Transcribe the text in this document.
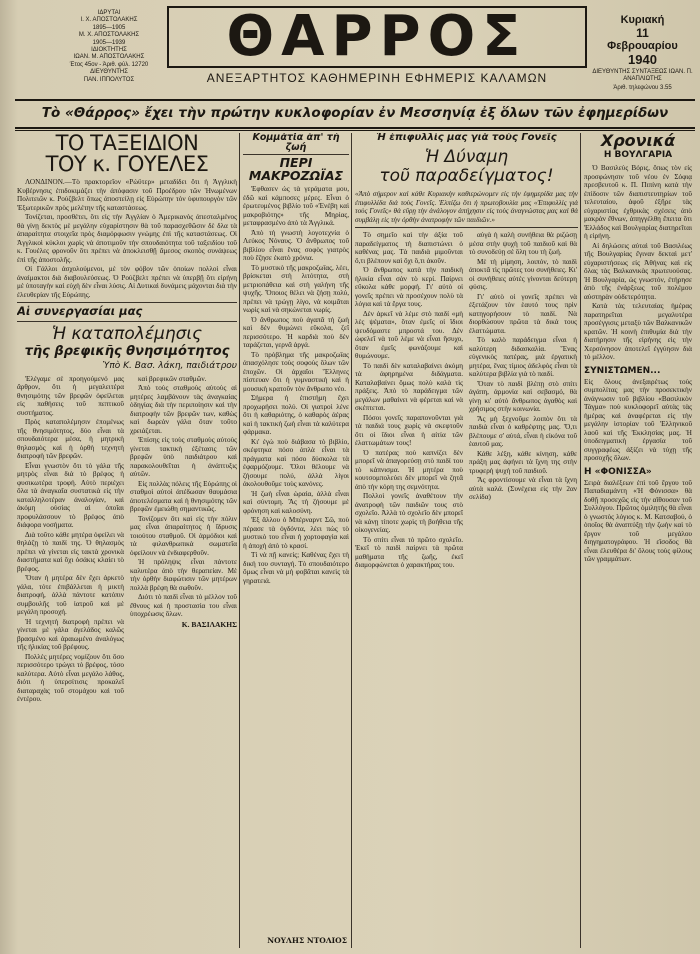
ΙΔΡΥΤΑΙ
Ι. Χ. ΑΠΟΣΤΟΛΑΚΗΣ
1895—1905
Μ. Χ. ΑΠΟΣΤΟΛΑΚΗΣ
1905—1939
ΙΔΙΟΚΤΗΤΗΣ
ΙΩΑΝ. Μ. ΑΠΟΣΤΟΛΑΚΗΣ
Έτος 45ον - Άριθ. φύλ. 12720
ΔΙΕΥΘΥΝΤΗΣ
ΠΑΝ. ΙΠΠΟΛΥΤΟΣ
ΘΑΡΡΟΣ
ΑΝΕΞΑΡΤΗΤΟΣ ΚΑΘΗΜΕΡΙΝΗ ΕΦΗΜΕΡΙΣ ΚΑΛΑΜΩΝ
Κυριακή
11
Φεβρουαρίου
1940
ΔΙΕΥΘΥΝΤΗΣ ΣΥΝΤΑΞΕΩΣ ΙΩΑΝ. Π. ΑΝΑΠΛΙΩΤΗΣ
Άριθ. τηλεφώνου 3.55
Τὸ «Θάρρος» ἔχει τὴν πρώτην κυκλοφορίαν ἐν Μεσσηνίᾳ ἐξ ὅλων τῶν ἐφημερίδων
ΤΟ ΤΑΞΕΙΔΙΟΝ
ΤΟΥ κ. ΓΟΥΕΛΕΣ

ΛΟΝΔΙΝΟΝ.—Τὸ πρακτορεῖον «Ρώϋτερ» μεταδίδει ὅτι ἡ Ἀγγλικὴ Κυβέρνησις ἐπιδοκιμάζει τὴν ἀπόφασιν τοῦ Προέδρου τῶν Ἡνωμένων Πολιτειῶν κ. Ρούζβελτ ὅπως ἀποστείλῃ εἰς Εὐρώπην τὸν ὑφυπουργὸν τῶν Ἐξωτερικῶν πρὸς μελέτην τῆς καταστάσεως.

Τονίζεται, προσθέτει, ὅτι εἰς τὴν Ἀγγλίαν ὁ Ἀμερικανὸς ἀπεσταλμένος θὰ γίνῃ δεκτὸς μὲ μεγάλην εὐχαρίστησιν θὰ τοῦ παρασχεθῶσιν δὲ δλα τὰ ἀπαραίτητα στοιχεῖα πρὸς διαμόρφωσιν γνώμης ἐπὶ τῆς καταστάσεως. Οἱ Ἀγγλικοὶ κύκλοι χωρὶς νὰ ἀποτιμοῦν τὴν σπουδαιότητα τοῦ ταξειδίου τοῦ κ. Γουέλες φρονοῦν ὅτι πρέπει νὰ ἀποκλεισθῇ ἄμεσος σκοπὸς συνάψεως ἐπὶ τῆς ἀποστολῆς.

Οἱ Γάλλοι ἀσχολούμενοι, μὲ τὸν φόβον τῶν ὁποίων πολλοὶ εἶναι ἀναίμακτοι διὰ διαβουλεύσεως. Ὁ Ρούζβελτ πρέπει νὰ ὑπερβῇ ὅτι εἰρήνη μὲ ὑποταγὴν καὶ εὐχὴ δὲν εἶναι λύσις. Αἱ Δυτικαὶ δυνάμεις μάχονται διὰ τὴν ἐλευθερίαν τῆς Εὐρώπης.

Αἱ συνεργασίαι μας
Ἡ καταπολέμησις
τῆς βρεφικῆς θνησιμότητος
Ὑπὸ Κ. Βασ. λάκη, παιδιάτρου

Ἐλέγαμε σὲ προηγούμενό μας ἄρθρον, ὅτι ἡ μεγαλειτέρα θνησιμότης τῶν βρεφῶν ὀφείλεται εἰς παθήσεις τοῦ πεπτικοῦ συστήματος.

Πρὸς καταπολέμησιν ἐπομένως τῆς θνησιμότητος, δύο εἶναι τὰ σπουδαιότερα μέσα, ἡ μητρικὴ θηλασμὸς καὶ ἡ ὀρθὴ τεχνητὴ διατροφὴ τῶν βρεφῶν.

Εἶναι γνωστὸν ὅτι τὸ γάλα τῆς μητρὸς εἶναι διὰ τὸ βρέφος ἡ φυσικωτέρα τροφή. Αὐτὸ περιέχει ὅλα τὰ ἀναγκαῖα συστατικὰ εἰς τὴν καταλληλοτέραν ἀναλογίαν, καὶ ἀκόμη οὐσίας αἱ ὁποῖαι προφυλάσσουν τὸ βρέφος ἀπὸ διάφορα νοσήματα.

Διὰ τοῦτο κάθε μητέρα ὀφείλει νὰ θηλάζῃ τὸ παιδί της. Ὁ θηλασμὸς πρέπει νὰ γίνεται εἰς τακτὰ χρονικὰ διαστήματα καὶ ὄχι ὁσάκις κλαίει τὸ βρέφος.

Ὅταν ἡ μητέρα δὲν ἔχει ἀρκετὸ γάλα, τότε ἐπιβάλλεται ἡ μικτὴ διατροφή, ἀλλὰ πάντοτε κατόπιν συμβουλῆς τοῦ ἰατροῦ καὶ μὲ μεγάλη προσοχή.

Ἡ τεχνητὴ διατροφὴ πρέπει νὰ γίνεται μὲ γάλα ἀγελάδος καλῶς βρασμένο καὶ ἀραιωμένο ἀναλόγως τῆς ἡλικίας τοῦ βρέφους.

Πολλὲς μητέρες νομίζουν ὅτι ὅσο περισσότερο τρώγει τὸ βρέφος, τόσο καλύτερα. Αὐτὸ εἶναι μεγάλο λάθος, διότι ἡ ὑπερσίτισις προκαλεῖ διαταραχὰς τοῦ στομάχου καὶ τοῦ ἐντέρου.

καὶ βρεφικῶν σταθμῶν.

Ἀπὸ τοὺς σταθμοὺς αὐτοὺς αἱ μητέρες λαμβάνουν τὰς ἀναγκαίας ὁδηγίας διὰ τὴν περιποίησιν καὶ τὴν διατροφὴν τῶν βρεφῶν των, καθὼς καὶ δωρεὰν γάλα ὅταν τοῦτο χρειάζεται.

Ἐπίσης εἰς τοὺς σταθμοὺς αὐτοὺς γίνεται τακτικὴ ἐξέτασις τῶν βρεφῶν ὑπὸ παιδιάτρου καὶ παρακολουθεῖται ἡ ἀνάπτυξις αὐτῶν.

Εἰς πολλὰς πόλεις τῆς Εὐρώπης οἱ σταθμοὶ αὐτοὶ ἀπέδωσαν θαυμάσια ἀποτελέσματα καὶ ἡ θνησιμότης τῶν βρεφῶν ἐμειώθη σημαντικῶς.

Τονίζομεν ὅτι καὶ εἰς τὴν πόλιν μας εἶναι ἀπαραίτητος ἡ ἵδρυσις τοιούτου σταθμοῦ. Οἱ ἁρμόδιοι καὶ τὰ φιλανθρωπικὰ σωματεῖα ὀφείλουν νὰ ἐνδιαφερθοῦν.

Ἡ πρόληψις εἶναι πάντοτε καλυτέρα ἀπὸ τὴν θεραπείαν. Μὲ τὴν ὀρθὴν διαφώτισιν τῶν μητέρων πολλὰ βρέφη θὰ σωθοῦν.

Διότι τὸ παιδὶ εἶναι τὸ μέλλον τοῦ ἔθνους καὶ ἡ προστασία του εἶναι ὑποχρέωσις ὅλων.

Κ. ΒΑΣΙΛΑΚΗΣ
Κομμάτι̇α ἀπ' τὴ ζωή
ΠΕΡΙ ΜΑΚΡΟΖΩΪΑΣ

Ἐφθασεν ὡς τὰ γεράματα μου, ἐδῶ καὶ κάμποσες μέρες. Εἶναι ὁ ἐρωτευμένος βιβλίο τοῦ «Ἐνέβη καὶ μακροβιότης» τῆς Μηρίας, μεταφρασμένο ἀπὸ τὰ Ἀγγλικά.

Ἀπὸ τὴ γνωστὴ λογοτεχνία ὁ Λεύκος Νόναυς. Ὁ ἄνθρωπος τοῦ βιβλίου εἶναι ἕνας σοφὸς γιατρὸς ποὺ ἔζησε ἑκατὸ χρόνια.

Τὸ μυστικὸ τῆς μακροζωΐας, λέει, βρίσκεται στὴ λιτότητα, στὴ μετριοπάθεια καὶ στὴ γαλήνη τῆς ψυχῆς. Ὅποιος θέλει νὰ ζήσῃ πολύ, πρέπει νὰ τρώγῃ λίγο, νὰ κοιμᾶται νωρὶς καὶ νὰ σηκώνεται νωρίς.

Ὁ ἄνθρωπος ποὺ ἀγαπᾶ τὴ ζωὴ καὶ δὲν θυμώνει εὔκολα, ζεῖ περισσότερο. Ἡ καρδιὰ ποὺ δὲν ταράζεται, γερνᾶ ἀργά.

Τὸ πρόβλημα τῆς μακροζωΐας ἀπασχόλησε τοὺς σοφοὺς ὅλων τῶν ἐποχῶν. Οἱ ἀρχαῖοι Ἕλληνες πίστευαν ὅτι ἡ γυμναστικὴ καὶ ἡ μουσικὴ κρατοῦν τὸν ἄνθρωπο νέο.

Σήμερα ἡ ἐπιστήμη ἔχει προχωρήσει πολύ. Οἱ γιατροὶ λένε ὅτι ἡ καθαριότης, ὁ καθαρὸς ἀέρας καὶ ἡ τακτικὴ ζωὴ εἶναι τὰ καλύτερα φάρμακα.

Κι' ἐγὼ ποὺ διάβασα τὸ βιβλίο, σκέφτηκα πόσο ἁπλὰ εἶναι τὰ πράγματα καὶ πόσο δύσκολα τὰ ἐφαρμόζουμε. Ὅλοι θέλουμε νὰ ζήσουμε πολύ, ἀλλὰ λίγοι ἀκολουθοῦμε τοὺς κανόνες.

Ἡ ζωὴ εἶναι ὡραία, ἀλλὰ εἶναι καὶ σύντομη. Ἂς τὴ ζήσουμε μὲ φρόνηση καὶ καλοσύνη.

Ἐξ ἄλλου ὁ Μπέρναρντ Σῶ, ποὺ πέρασε τὰ ὀγδόντα, λέει πὼς τὸ μυστικὸ του εἶναι ἡ χορτοφαγία καὶ ἡ ἀποχὴ ἀπὸ τὸ κρασί.

Τί νὰ πῇ κανείς; Καθένας ἔχει τὴ δική του συνταγή. Τὸ σπουδαιότερο ὅμως εἶναι νὰ μὴ φοβᾶται κανεὶς τὰ γηρατειά.

ΝΟΥΛΗΣ ΝΤΟΛΙΟΣ
Ἡ ἐπιφυλλὶς μας γιὰ τοὺς Γονεῖς
Ἡ Δύναμη
τοῦ παραδείγματος!
«Ἀπὸ σήμερον καὶ κάθε Κυριακὴν καθιερώνομεν εἰς τὴν ἐφημερίδα μας τὴν ἐπιφυλλίδα διὰ τοὺς Γονεῖς. Ἐλπίζω ὅτι ἡ πρωτοβουλία μας «Ἐπιφυλλὶς γιὰ τοὺς Γονεῖς» θὰ εὕρῃ τὴν ἀνάλογον ἀπήχησιν εἰς τοὺς ἀναγνώστας μας καὶ θὰ συμβάλῃ εἰς τὴν ὀρθὴν ἀνατροφὴν τῶν παιδιῶν.»

Τὸ σημεῖο καὶ τὴν ἀξία τοῦ παραδείγματος τὴ διαπιστώνει ὁ καθένας μας. Τὰ παιδιὰ μιμοῦνται ὅ,τι βλέπουν καὶ ὅχι ὅ,τι ἀκοῦν.

Ὁ ἄνθρωπος κατὰ τὴν παιδικὴ ἡλικία εἶναι σὰν τὸ κερί. Παίρνει εὔκολα κάθε μορφή. Γι' αὐτὸ οἱ γονεῖς πρέπει νὰ προσέχουν πολὺ τὰ λόγια καὶ τὰ ἔργα τους.

Δὲν ἀρκεῖ νὰ λέμε στὸ παιδί «μὴ λὲς ψέματα», ὅταν ἐμεῖς οἱ ἴδιοι ψευδόμαστε μπροστά του. Δὲν ὠφελεῖ νὰ τοῦ λέμε νὰ εἶναι ἥσυχο, ὅταν ἐμεῖς φωνάζουμε καὶ θυμώνουμε.

Τὸ παιδὶ δὲν καταλαβαίνει ἀκόμη τὰ ἀφηρημένα διδάγματα. Καταλαβαίνει ὅμως πολὺ καλὰ τὶς πράξεις. Ἀπὸ τὸ παράδειγμα τῶν μεγάλων μαθαίνει νὰ φέρεται καὶ νὰ σκέπτεται.

Πόσοι γονεῖς παραπονοῦνται γιὰ τὰ παιδιά τους χωρὶς νὰ σκεφτοῦν ὅτι οἱ ἴδιοι εἶναι ἡ αἰτία τῶν ἐλαττωμάτων τους!

Ὁ πατέρας ποὺ καπνίζει δὲν μπορεῖ νὰ ἀπαγορεύσῃ στὸ παιδί του τὸ κάπνισμα. Ἡ μητέρα ποὺ κουτσομπολεύει δὲν μπορεῖ νὰ ζητᾶ ἀπὸ τὴν κόρη της σεμνότητα.

Πολλοὶ γονεῖς ἀναθέτουν τὴν ἀνατροφὴ τῶν παιδιῶν τους στὸ σχολεῖο. Ἀλλὰ τὸ σχολεῖο δὲν μπορεῖ νὰ κάνῃ τίποτε χωρὶς τὴ βοήθεια τῆς οἰκογενείας.

Τὸ σπίτι εἶναι τὸ πρῶτο σχολεῖο. Ἐκεῖ τὸ παιδὶ παίρνει τὰ πρῶτα μαθήματα τῆς ζωῆς, ἐκεῖ διαμορφώνεται ὁ χαρακτήρας του.

αὐγὰ ἡ καλὴ συνήθεια θὰ ριζώσῃ μέσα στὴν ψυχὴ τοῦ παιδιοῦ καὶ θὰ τὸ συνοδεύῃ σὲ ὅλη του τὴ ζωή.

Μὲ τὴ μίμηση, λοιπόν, τὸ παιδὶ ἀποκτᾶ τὶς πρῶτες του συνήθειες. Κι' οἱ συνήθειες αὐτὲς γίνονται δεύτερη φύσις.

Γι' αὐτὸ οἱ γονεῖς πρέπει νὰ ἐξετάζουν τὸν ἑαυτό τους πρὶν κατηγορήσουν τὸ παιδί. Νὰ διορθώσουν πρῶτα τὰ δικά τους ἐλαττώματα.

Τὸ καλὸ παράδειγμα εἶναι ἡ καλύτερη διδασκαλία. Ἕνας εὐγενικὸς πατέρας, μιὰ ἐργατικὴ μητέρα, ἕνας τίμιος ἀδελφὸς εἶναι τὰ καλύτερα βιβλία γιὰ τὸ παιδί.

Ὅταν τὸ παιδὶ βλέπῃ στὸ σπίτι ἀγάπη, ἀρμονία καὶ σεβασμό, θὰ γίνῃ κι' αὐτὸ ἄνθρωπος ἀγαθὸς καὶ χρήσιμος στὴν κοινωνία.

Ἂς μὴ ξεχνοῦμε λοιπὸν ὅτι τὰ παιδιὰ εἶναι ὁ καθρέφτης μας. Ὅ,τι βλέπουμε σ' αὐτά, εἶναι ἡ εἰκόνα τοῦ ἑαυτοῦ μας.

Κάθε λέξη, κάθε κίνηση, κάθε πράξη μας ἀφήνει τὰ ἴχνη της στὴν τρυφερὴ ψυχὴ τοῦ παιδιοῦ.

Ἂς φροντίσουμε νὰ εἶναι τὰ ἴχνη αὐτὰ καλά. (Συνέχεια εἰς τὴν 2αν σελίδα)

Χρονικά
Η ΒΟΥΛΓΑΡΙΑ

Ὁ Βασιλεὺς Βόρις, ὅπως τὸν εἰς προσφώνησιν τοῦ νέου ἐν Σόφιᾳ πρεσβευτοῦ κ. Π. Πιπίνη κατὰ τὴν ἐπίδοσιν τῶν διαπιστευτηρίων τοῦ τελευταίου, ἀφοῦ ἐξῆρε τὰς εὐχαριστίας ἐχθρικὰς σχέσεις ἀπὸ μακρὰν ἔθνων, ἀπηγγέλθη ἔπειτα ὅτι Ἑλλάδος καὶ Βουλγαρίας διατηρεῖται ἡ εἰρήνη.

Αἱ δηλώσεις αὐταὶ τοῦ Βασιλέως τῆς Βουλγαρίας ἔγιναν δεκταὶ μετ' εὐχαριστήσεως εἰς Ἀθήνας καὶ εἰς ὅλας τὰς Βαλκανικὰς πρωτευούσας. Ἡ Βουλγαρία, ὡς γνωστόν, ἐτήρησε ἀπὸ τῆς ἐνάρξεως τοῦ πολέμου αὐστηρὰν οὐδετερότητα.

Κατὰ τὰς τελευταίας ἡμέρας παρατηρεῖται μεγαλυτέρα προσέγγισις μεταξὺ τῶν Βαλκανικῶν κρατῶν. Ἡ κοινὴ ἐπιθυμία διὰ τὴν διατήρησιν τῆς εἰρήνης εἰς τὴν Χερσόνησον ἀποτελεῖ ἐγγύησιν διὰ τὸ μέλλον.

ΣΥΝΙΣΤΩΜΕΝ...
Εἰς ὅλους ἀνεξαιρέτως τοὺς συμπολίτας μας τὴν προσεκτικὴν ἀνάγνωσιν τοῦ βιβλίου «Βασιλικὸν Τάγμα» ποὺ κυκλοφορεῖ αὐτὰς τὰς ἡμέρας καὶ ἀναφέρεται εἰς τὴν μεγάλην ἱστορίαν τοῦ Ἑλληνικοῦ λαοῦ καὶ τῆς Ἐκκλησίας μας. Ἡ ὑποδειγματικὴ ἐργασία τοῦ συγγραφέως ἀξίζει νὰ τύχῃ τῆς προσοχῆς ὅλων.
Η «ΦΟΝΙΣΣΑ»
Σειρὰ διαλέξεων ἐπὶ τοῦ ἔργου τοῦ Παπαδιαμάντη «Ἡ Φόνισσα» θὰ δοθῇ προσεχῶς εἰς τὴν αἴθουσαν τοῦ Συλλόγου. Πρῶτος ὁμιλητὴς θὰ εἶναι ὁ γνωστὸς λόγιος κ. Μ. Κατσαβού, ὁ ὁποῖος θὰ ἀναπτύξῃ τὴν ζωὴν καὶ τὸ ἔργον τοῦ μεγάλου διηγηματογράφου. Ἡ εἴσοδος θὰ εἶναι ἐλευθέρα δι' ὅλους τοὺς φίλους τῶν γραμμάτων.
